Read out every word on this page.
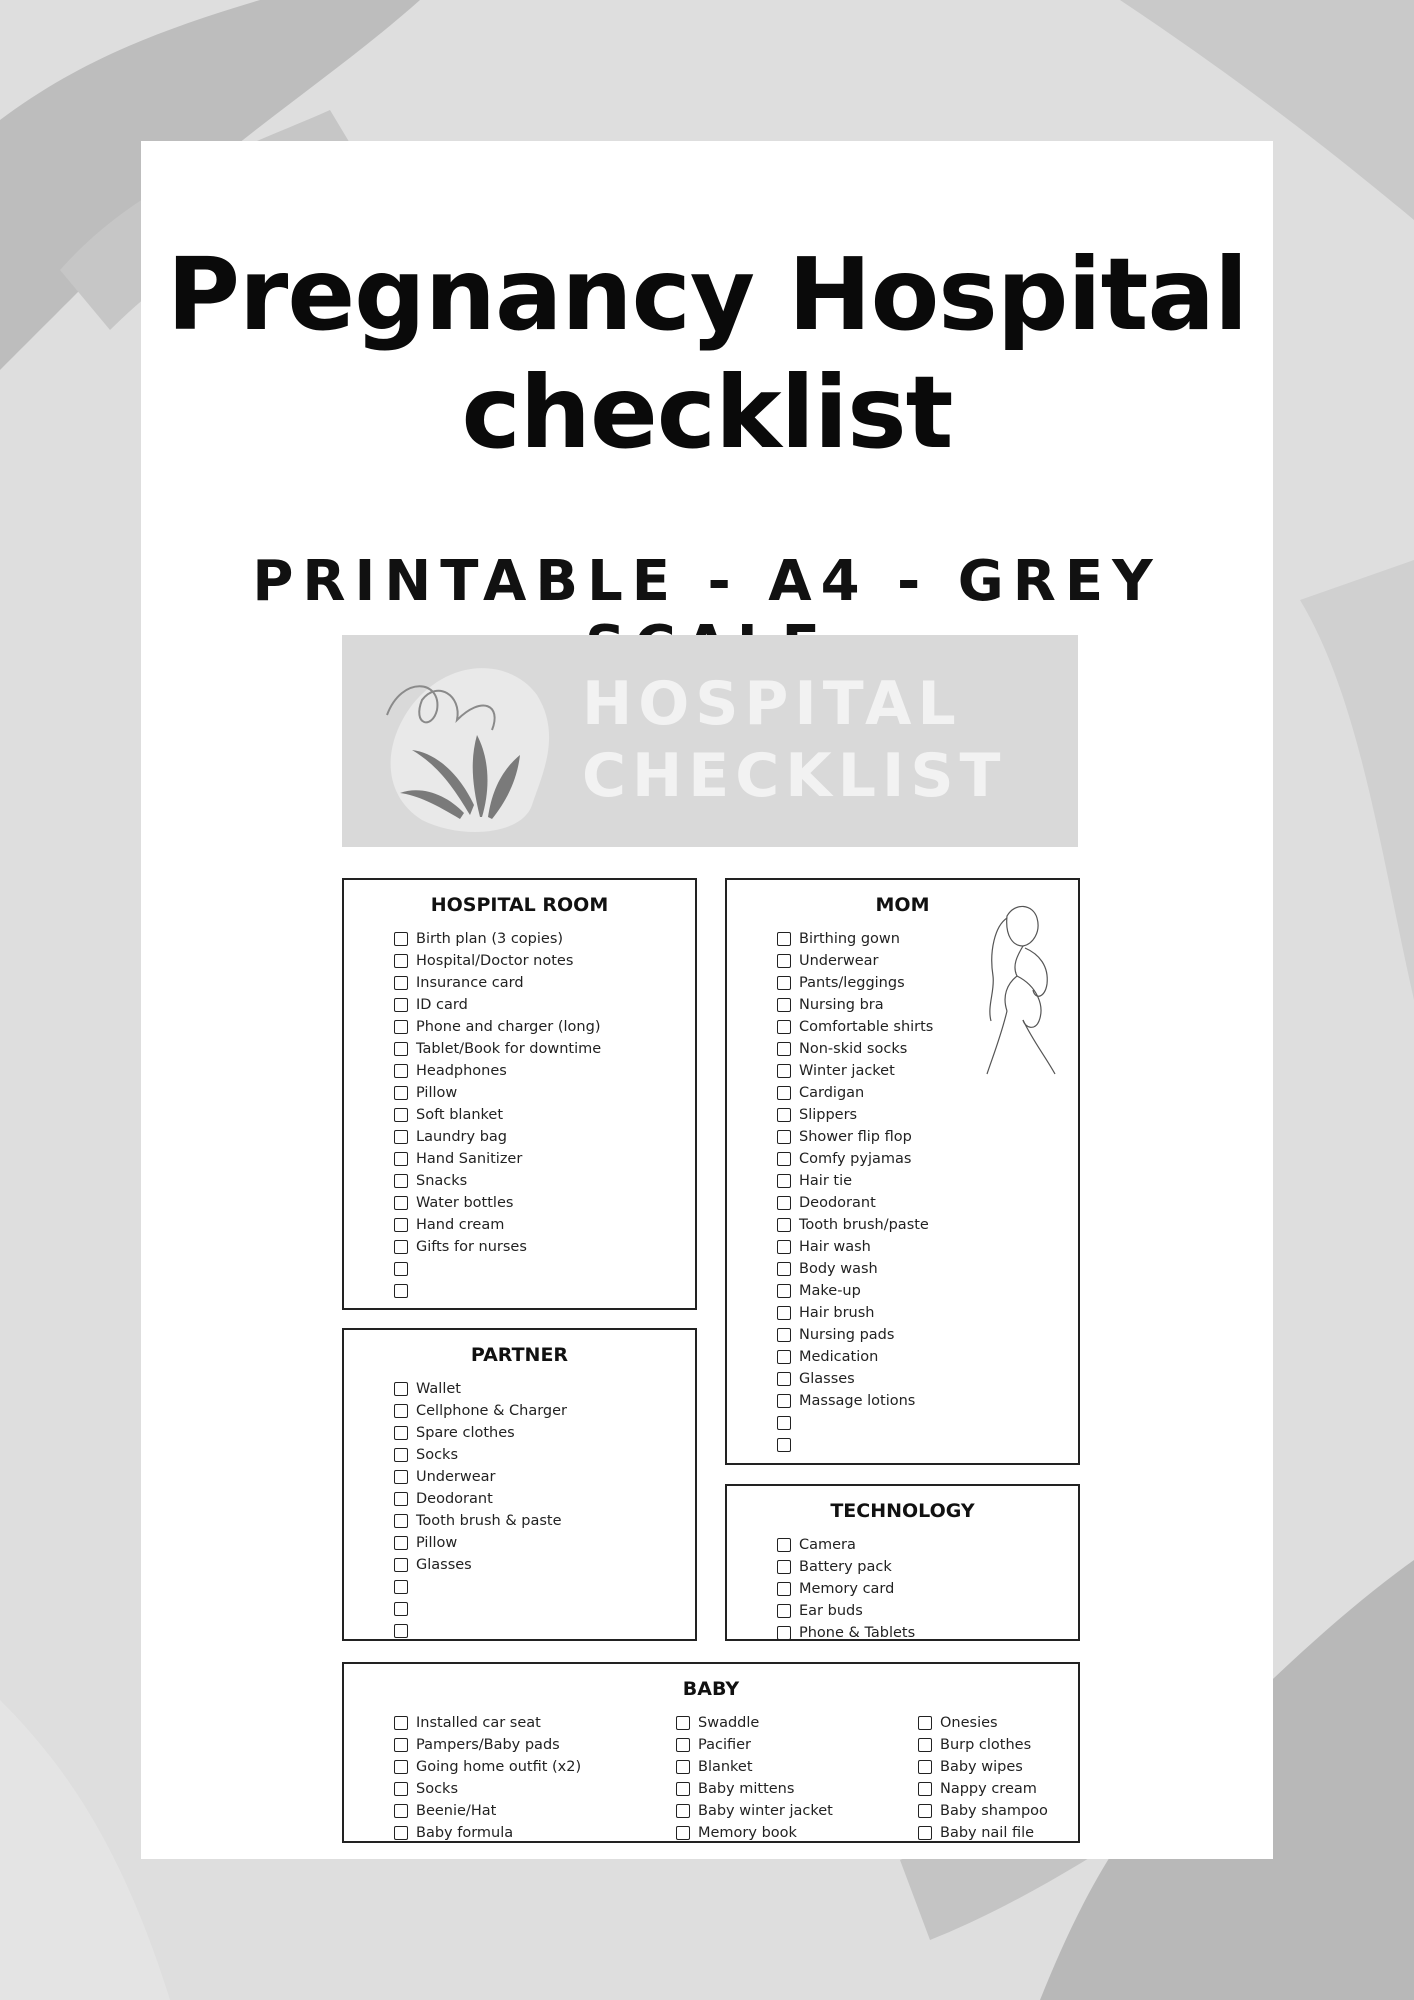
Pregnancy Hospital
checklist
PRINTABLE - A4 - GREY
HOSPITAL
CHECKLIST
HOSPITAL ROOM
Birth plan (3 copies)
Hospital/Doctor notes
Insurance card
ID card
Phone and charger (long)
Tablet/Book for downtime
Headphones
Pillow
Soft blanket
Laundry bag
Hand Sanitizer
Snacks
Water bottles
Hand cream
Gifts for nurses
MOM
Birthing gown
Underwear
Pants/leggings
Nursing bra
Comfortable shirts
Non-skid socks
Winter jacket
Cardigan
Slippers
Shower flip flop
Comfy pyjamas
Hair tie
Deodorant
Tooth brush/paste
Hair wash
Body wash
Make-up
Hair brush
Nursing pads
Medication
Glasses
Massage lotions
PARTNER
Wallet
Cellphone & Charger
Spare clothes
Socks
Underwear
Deodorant
Tooth brush & paste
Pillow
Glasses
TECHNOLOGY
Camera
Battery pack
Memory card
Ear buds
Phone & Tablets
BABY
Installed car seat
Pampers/Baby pads
Going home outfit (x2)
Socks
Beenie/Hat
Baby formula
Swaddle
Pacifier
Blanket
Baby mittens
Baby winter jacket
Memory book
Onesies
Burp clothes
Baby wipes
Nappy cream
Baby shampoo
Baby nail file
